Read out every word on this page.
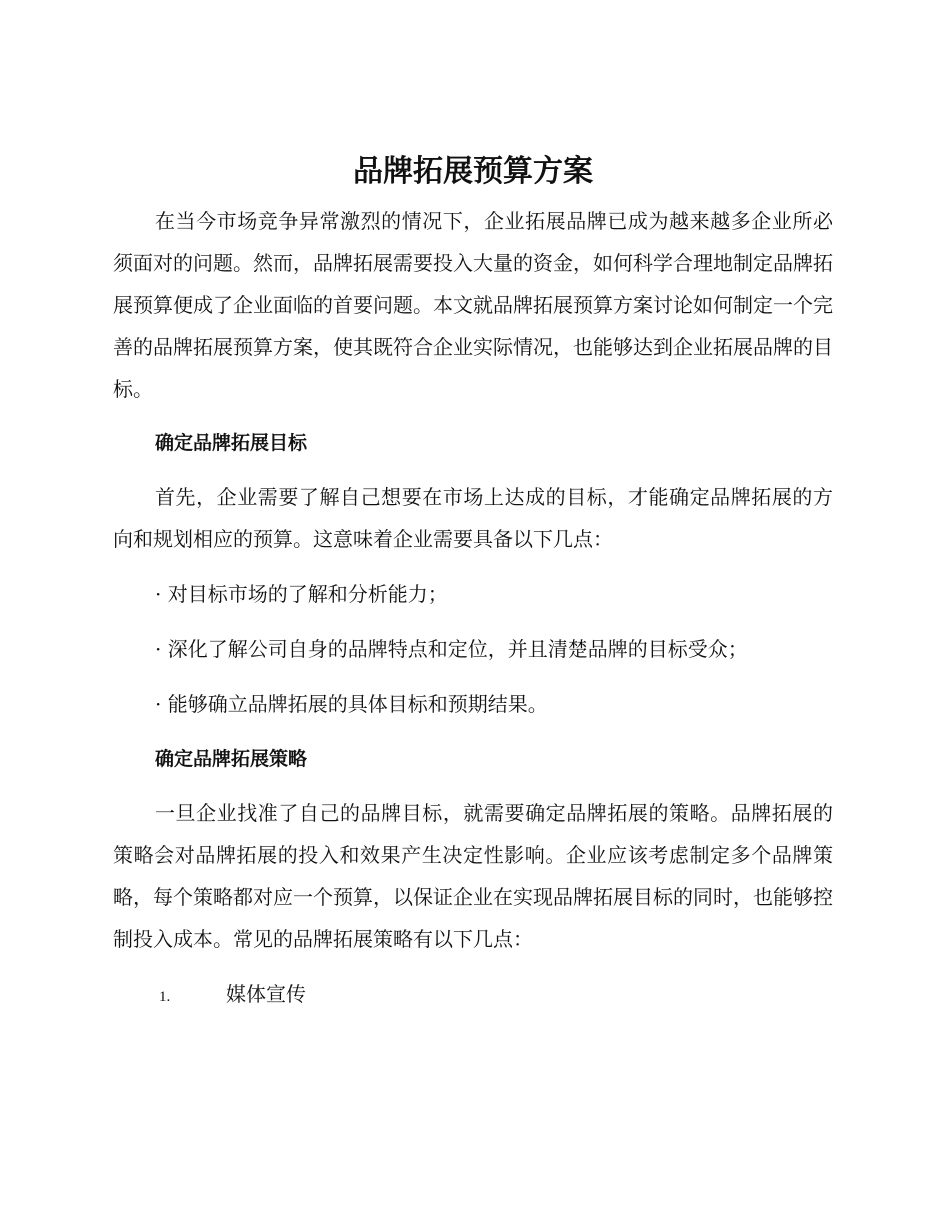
品牌拓展预算方案

在当今市场竞争异常激烈的情况下，企业拓展品牌已成为越来越多企业所必须面对的问题。然而，品牌拓展需要投入大量的资金，如何科学合理地制定品牌拓展预算便成了企业面临的首要问题。本文就品牌拓展预算方案讨论如何制定一个完善的品牌拓展预算方案，使其既符合企业实际情况，也能够达到企业拓展品牌的目标。

确定品牌拓展目标

首先，企业需要了解自己想要在市场上达成的目标，才能确定品牌拓展的方向和规划相应的预算。这意味着企业需要具备以下几点：

· 对目标市场的了解和分析能力；

· 深化了解公司自身的品牌特点和定位，并且清楚品牌的目标受众；

· 能够确立品牌拓展的具体目标和预期结果。

确定品牌拓展策略

一旦企业找准了自己的品牌目标，就需要确定品牌拓展的策略。品牌拓展的策略会对品牌拓展的投入和效果产生决定性影响。企业应该考虑制定多个品牌策略，每个策略都对应一个预算，以保证企业在实现品牌拓展目标的同时，也能够控制投入成本。常见的品牌拓展策略有以下几点：

1.	媒体宣传
